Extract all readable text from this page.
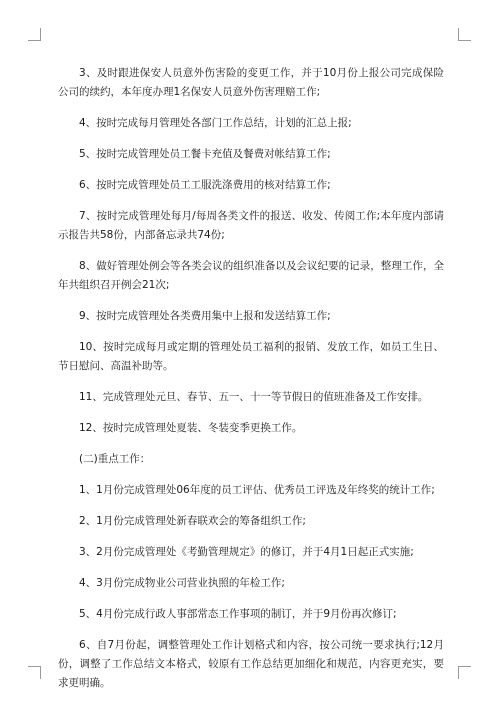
3、及时跟进保安人员意外伤害险的变更工作，并于10月份上报公司完成保险公司的续约，本年度办理1名保安人员意外伤害理赔工作;

4、按时完成每月管理处各部门工作总结，计划的汇总上报;

5、按时完成管理处员工餐卡充值及餐费对帐结算工作;

6、按时完成管理处员工工服洗涤费用的核对结算工作;

7、按时完成管理处每月/每周各类文件的报送、收发、传阅工作;本年度内部请示报告共58份，内部备忘录共74份;

8、做好管理处例会等各类会议的组织准备以及会议纪要的记录，整理工作，全年共组织召开例会21次;

9、按时完成管理处各类费用集中上报和发送结算工作;

10、按时完成每月或定期的管理处员工福利的报销、发放工作，如员工生日、节日慰问、高温补助等。

11、完成管理处元旦、春节、五一、十一等节假日的值班准备及工作安排。

12、按时完成管理处夏装、冬装变季更换工作。

(二)重点工作：

1、1月份完成管理处06年度的员工评估、优秀员工评选及年终奖的统计工作;

2、1月份完成管理处新春联欢会的筹备组织工作;

3、2月份完成管理处《考勤管理规定》的修订，并于4月1日起正式实施;

4、3月份完成物业公司营业执照的年检工作;

5、4月份完成行政人事部常态工作事项的制订，并于9月份再次修订;

6、自7月份起，调整管理处工作计划格式和内容，按公司统一要求执行;12月份，调整了工作总结文本格式，较原有工作总结更加细化和规范，内容更充实，要求更明确。
